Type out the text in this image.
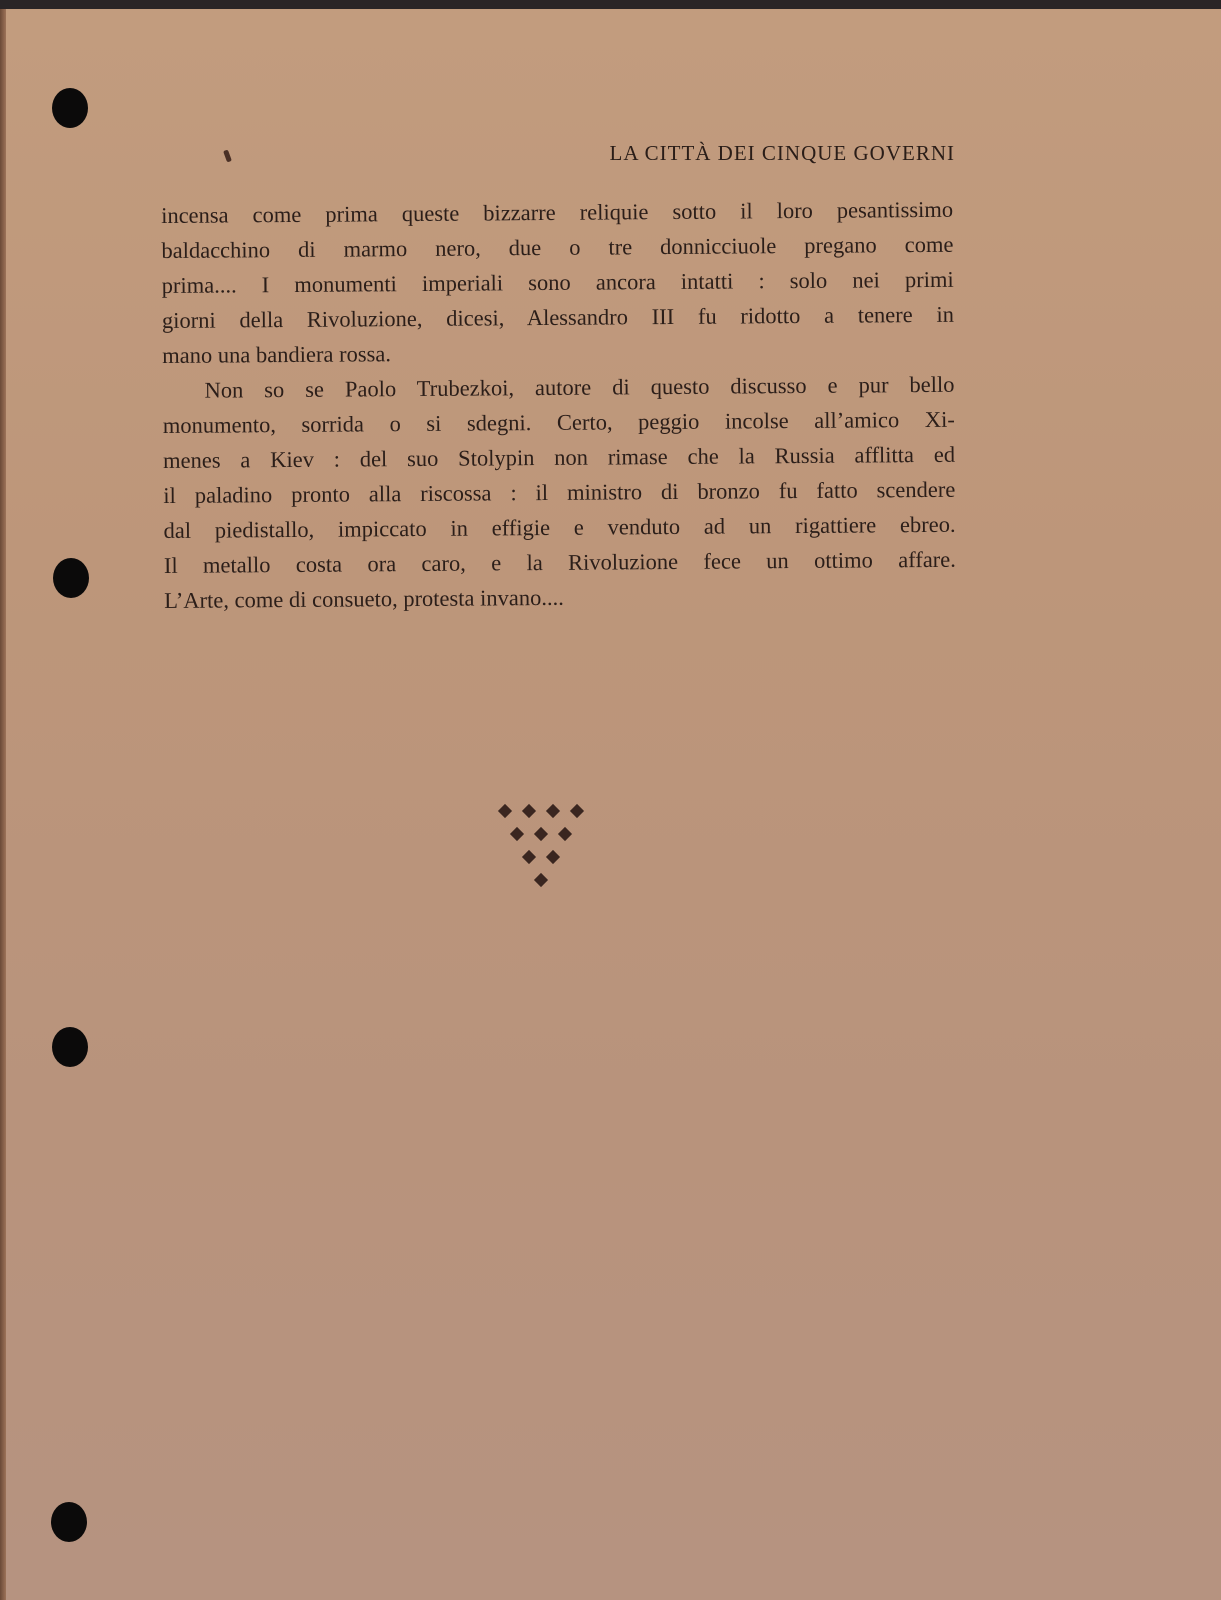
LA CITTÀ DEI CINQUE GOVERNI

incensa come prima queste bizzarre reliquie sotto il loro pesantissimo
baldacchino di marmo nero, due o tre donnicciuole pregano come
prima.... I monumenti imperiali sono ancora intatti : solo nei primi
giorni della Rivoluzione, dicesi, Alessandro III fu ridotto a tenere in
mano una bandiera rossa.

Non so se Paolo Trubezkoi, autore di questo discusso e pur bello
monumento, sorrida o si sdegni. Certo, peggio incolse all’amico Xi-
menes a Kiev : del suo Stolypin non rimase che la Russia afflitta ed
il paladino pronto alla riscossa : il ministro di bronzo fu fatto scendere
dal piedistallo, impiccato in effigie e venduto ad un rigattiere ebreo.
Il metallo costa ora caro, e la Rivoluzione fece un ottimo affare.
L’Arte, come di consueto, protesta invano....
